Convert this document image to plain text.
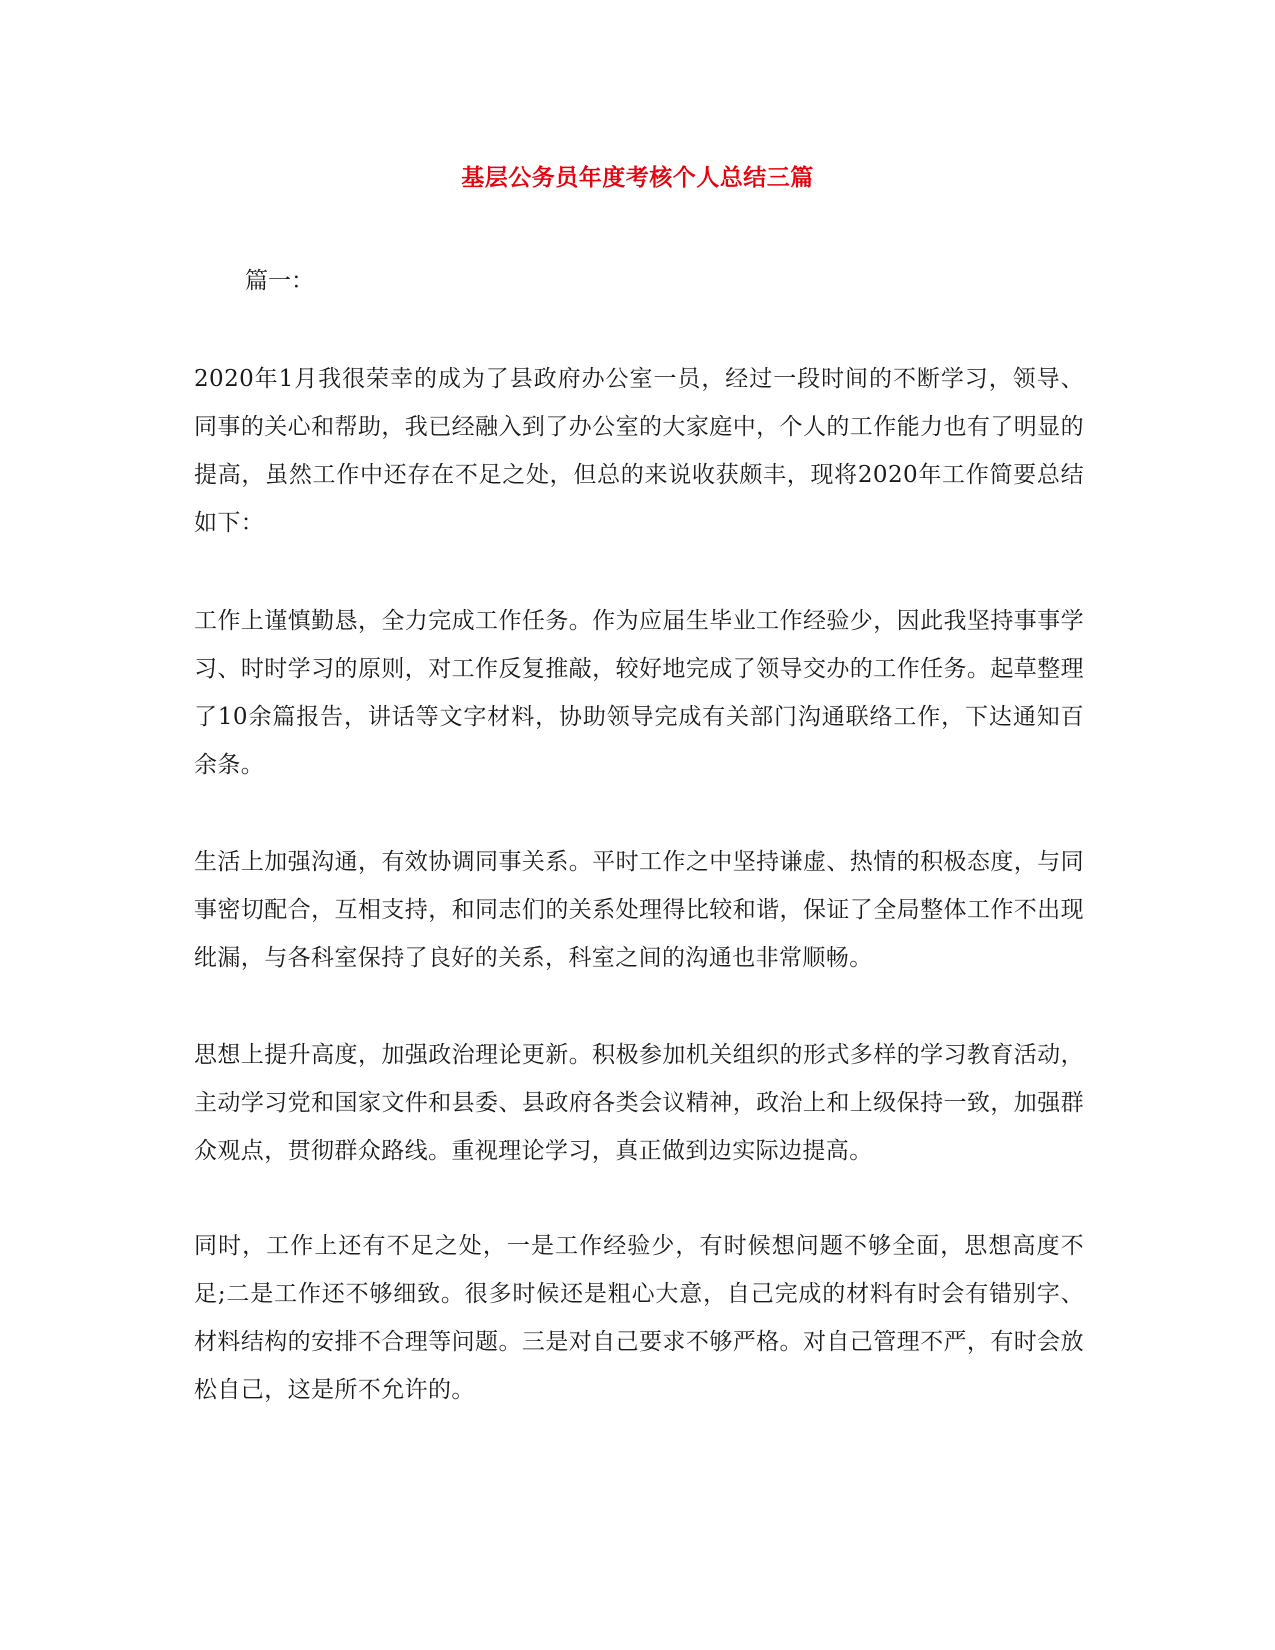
基层公务员年度考核个人总结三篇
篇一：

2020年1月我很荣幸的成为了县政府办公室一员，经过一段时间的不断学习，领导、同事的关心和帮助，我已经融入到了办公室的大家庭中，个人的工作能力也有了明显的提高，虽然工作中还存在不足之处，但总的来说收获颇丰，现将2020年工作简要总结如下：

工作上谨慎勤恳，全力完成工作任务。作为应届生毕业工作经验少，因此我坚持事事学习、时时学习的原则，对工作反复推敲，较好地完成了领导交办的工作任务。起草整理了10余篇报告，讲话等文字材料，协助领导完成有关部门沟通联络工作，下达通知百余条。

生活上加强沟通，有效协调同事关系。平时工作之中坚持谦虚、热情的积极态度，与同事密切配合，互相支持，和同志们的关系处理得比较和谐，保证了全局整体工作不出现纰漏，与各科室保持了良好的关系，科室之间的沟通也非常顺畅。

思想上提升高度，加强政治理论更新。积极参加机关组织的形式多样的学习教育活动，主动学习党和国家文件和县委、县政府各类会议精神，政治上和上级保持一致，加强群众观点，贯彻群众路线。重视理论学习，真正做到边实际边提高。

同时，工作上还有不足之处，一是工作经验少，有时候想问题不够全面，思想高度不足;二是工作还不够细致。很多时候还是粗心大意，自己完成的材料有时会有错别字、材料结构的安排不合理等问题。三是对自己要求不够严格。对自己管理不严，有时会放松自己，这是所不允许的。
